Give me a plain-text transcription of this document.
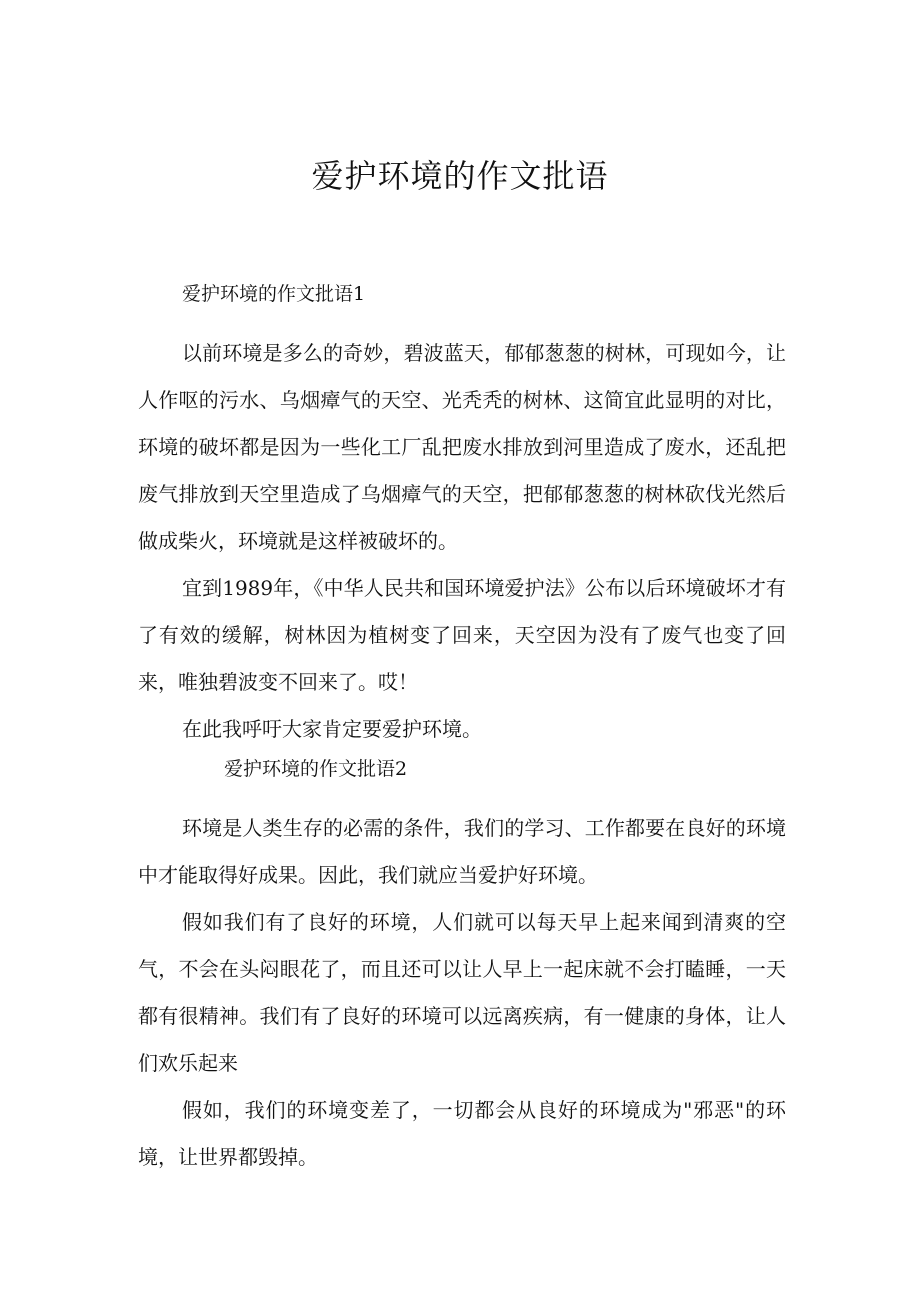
爱护环境的作文批语

爱护环境的作文批语1

以前环境是多么的奇妙，碧波蓝天，郁郁葱葱的树林，可现如今，让人作呕的污水、乌烟瘴气的天空、光秃秃的树林、这简宜此显明的对比，环境的破坏都是因为一些化工厂乱把废水排放到河里造成了废水，还乱把废气排放到天空里造成了乌烟瘴气的天空，把郁郁葱葱的树林砍伐光然后做成柴火，环境就是这样被破坏的。

宜到1989年，《中华人民共和国环境爱护法》公布以后环境破坏才有了有效的缓解，树林因为植树变了回来，天空因为没有了废气也变了回来，唯独碧波变不回来了。哎！

在此我呼吁大家肯定要爱护环境。

爱护环境的作文批语2

环境是人类生存的必需的条件，我们的学习、工作都要在良好的环境中才能取得好成果。因此，我们就应当爱护好环境。

假如我们有了良好的环境，人们就可以每天早上起来闻到清爽的空气，不会在头闷眼花了，而且还可以让人早上一起床就不会打瞌睡，一天都有很精神。我们有了良好的环境可以远离疾病，有一健康的身体，让人们欢乐起来

假如，我们的环境变差了，一切都会从良好的环境成为"邪恶"的环境，让世界都毁掉。
